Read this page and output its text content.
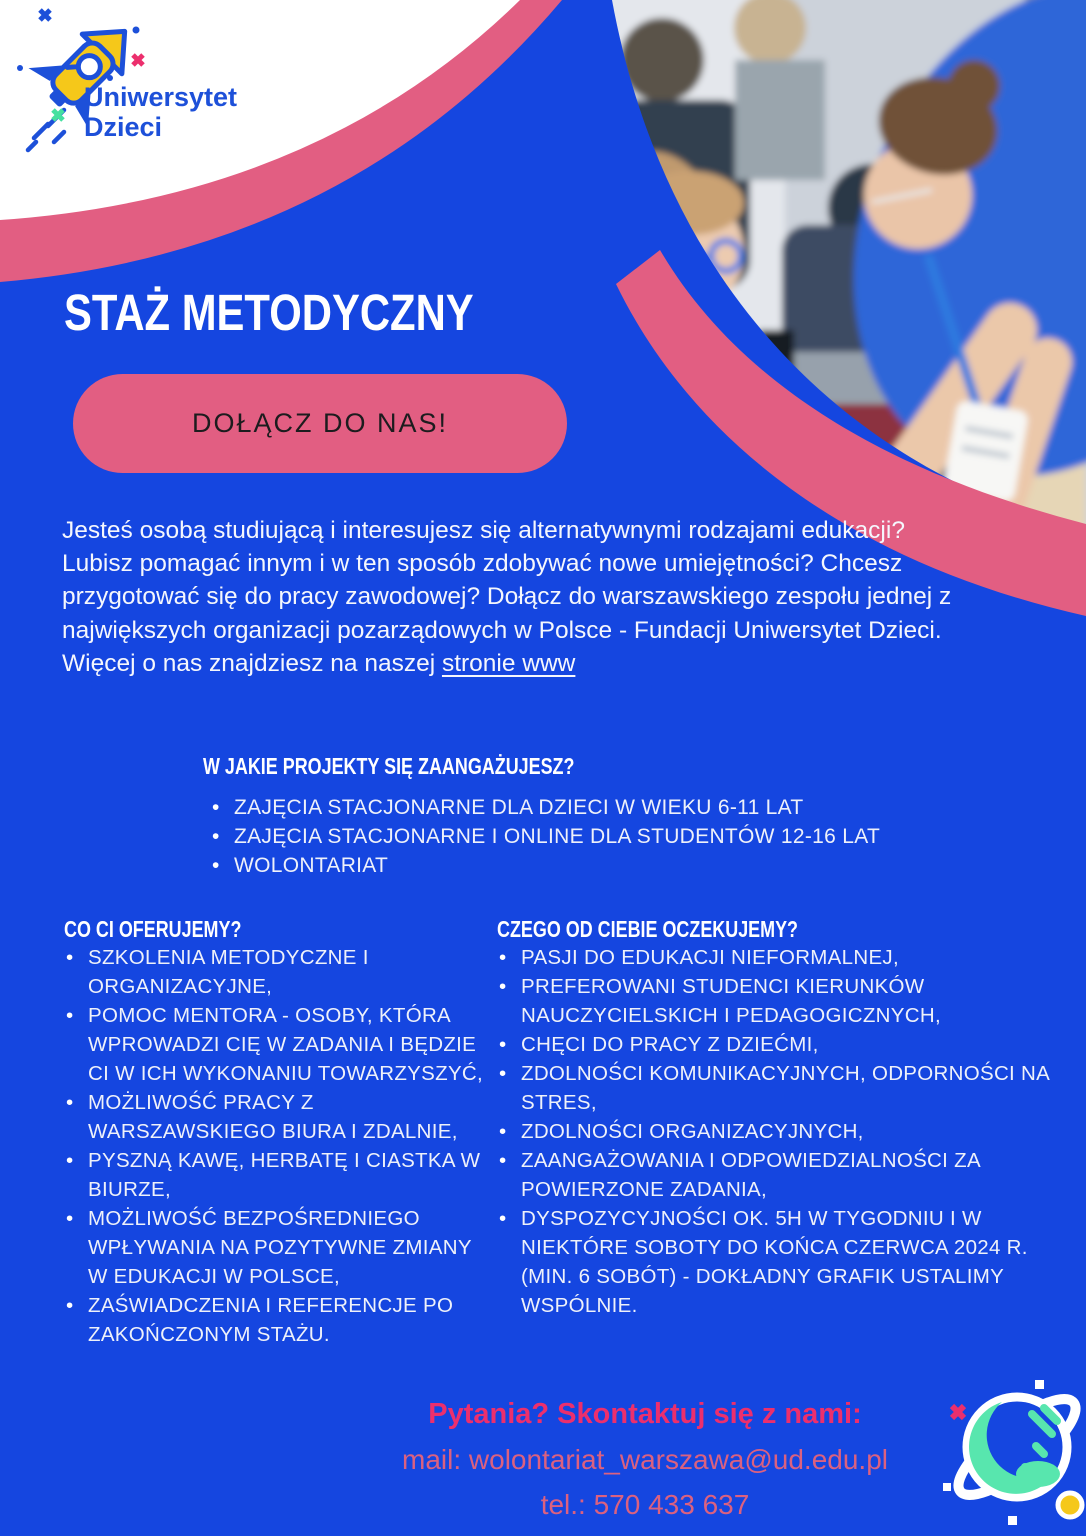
Uniwersytet
Dzieci
STAŻ METODYCZNY
DOŁĄCZ DO NAS!

Jesteś osobą studiującą i interesujesz się alternatywnymi rodzajami edukacji? Lubisz pomagać innym i w ten sposób zdobywać nowe umiejętności? Chcesz przygotować się do pracy zawodowej? Dołącz do warszawskiego zespołu jednej z największych organizacji pozarządowych w Polsce - Fundacji Uniwersytet Dzieci. Więcej o nas znajdziesz na naszej stronie www

W JAKIE PROJEKTY SIĘ ZAANGAŻUJESZ?
• ZAJĘCIA STACJONARNE DLA DZIECI W WIEKU 6-11 LAT
• ZAJĘCIA STACJONARNE I ONLINE DLA STUDENTÓW 12-16 LAT
• WOLONTARIAT
CO CI OFERUJEMY?
• SZKOLENIA METODYCZNE I ORGANIZACYJNE,
• POMOC MENTORA - OSOBY, KTÓRA WPROWADZI CIĘ W ZADANIA I BĘDZIE CI W ICH WYKONANIU TOWARZYSZYĆ,
• MOŻLIWOŚĆ PRACY Z WARSZAWSKIEGO BIURA I ZDALNIE,
• PYSZNĄ KAWĘ, HERBATĘ I CIASTKA W BIURZE,
• MOŻLIWOŚĆ BEZPOŚREDNIEGO WPŁYWANIA NA POZYTYWNE ZMIANY W EDUKACJI W POLSCE,
• ZAŚWIADCZENIA I REFERENCJE PO ZAKOŃCZONYM STAŻU.
CZEGO OD CIEBIE OCZEKUJEMY?
• PASJI DO EDUKACJI NIEFORMALNEJ,
• PREFEROWANI STUDENCI KIERUNKÓW NAUCZYCIELSKICH I PEDAGOGICZNYCH,
• CHĘCI DO PRACY Z DZIEĆMI,
• ZDOLNOŚCI KOMUNIKACYJNYCH, ODPORNOŚCI NA STRES,
• ZDOLNOŚCI ORGANIZACYJNYCH,
• ZAANGAŻOWANIA I ODPOWIEDZIALNOŚCI ZA POWIERZONE ZADANIA,
• DYSPOZYCYJNOŚCI OK. 5H W TYGODNIU I W NIEKTÓRE SOBOTY DO KOŃCA CZERWCA 2024 R. (MIN. 6 SOBÓT) - DOKŁADNY GRAFIK USTALIMY WSPÓLNIE.
Pytania? Skontaktuj się z nami:
mail: wolontariat_warszawa@ud.edu.pl
tel.: 570 433 637
